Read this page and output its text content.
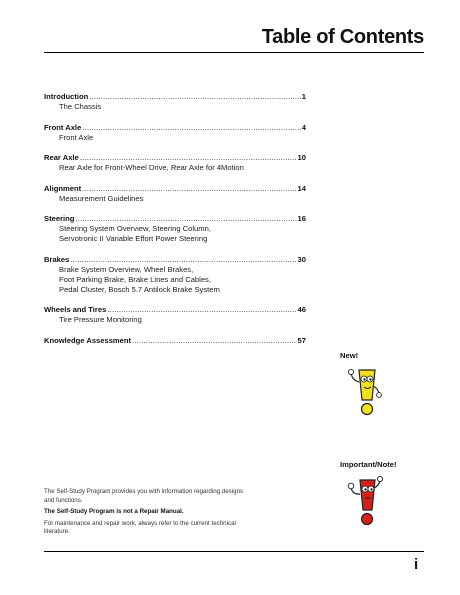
Table of Contents
Introduction .....	1
The Chassis
Front Axle .....	4
Front Axle
Rear Axle .....	10
Rear Axle for Front-Wheel Drive, Rear Axle for 4Motion
Alignment .....	14
Measurement Guidelines
Steering .....	16
Steering System Overview, Steering Column,
Servotronic II Variable Effort Power Steering
Brakes .....	30
Brake System Overview, Wheel Brakes,
Foot Parking Brake, Brake Lines and Cables,
Pedal Cluster, Bosch 5.7 Antilock Brake System
Wheels and Tires .....	46
Tire Pressure Monitoring
Knowledge Assessment .....	57
New!
Important/Note!

The Self-Study Program provides you with information regarding designs and functions.

The Self-Study Program is not a Repair Manual.

For maintenance and repair work, always refer to the current technical literature.

i
